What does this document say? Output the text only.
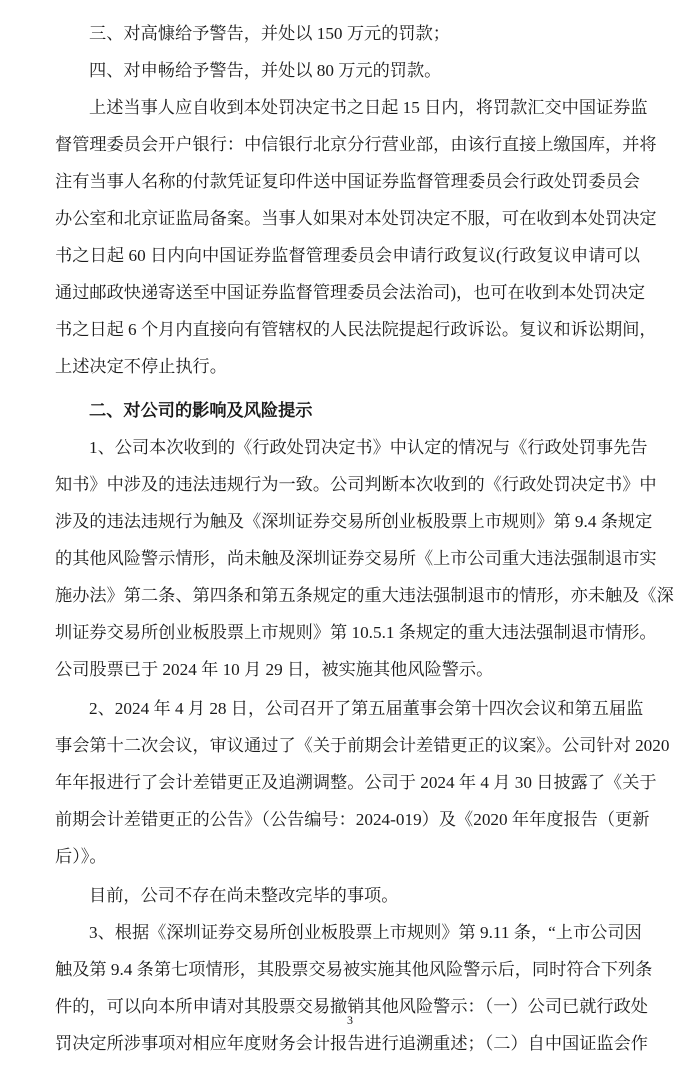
三、对高慷给予警告，并处以 150 万元的罚款；
四、对申畅给予警告，并处以 80 万元的罚款。
上述当事人应自收到本处罚决定书之日起 15 日内，将罚款汇交中国证券监
督管理委员会开户银行：中信银行北京分行营业部，由该行直接上缴国库，并将
注有当事人名称的付款凭证复印件送中国证券监督管理委员会行政处罚委员会
办公室和北京证监局备案。当事人如果对本处罚决定不服，可在收到本处罚决定
书之日起 60 日内向中国证券监督管理委员会申请行政复议(行政复议申请可以
通过邮政快递寄送至中国证券监督管理委员会法治司)，也可在收到本处罚决定
书之日起 6 个月内直接向有管辖权的人民法院提起行政诉讼。复议和诉讼期间，
上述决定不停止执行。
二、对公司的影响及风险提示
1、公司本次收到的《行政处罚决定书》中认定的情况与《行政处罚事先告
知书》中涉及的违法违规行为一致。公司判断本次收到的《行政处罚决定书》中
涉及的违法违规行为触及《深圳证券交易所创业板股票上市规则》第 9.4 条规定
的其他风险警示情形，尚未触及深圳证券交易所《上市公司重大违法强制退市实
施办法》第二条、第四条和第五条规定的重大违法强制退市的情形，亦未触及《深
圳证券交易所创业板股票上市规则》第 10.5.1 条规定的重大违法强制退市情形。
公司股票已于 2024 年 10 月 29 日，被实施其他风险警示。
2、2024 年 4 月 28 日，公司召开了第五届董事会第十四次会议和第五届监
事会第十二次会议，审议通过了《关于前期会计差错更正的议案》。公司针对 2020
年年报进行了会计差错更正及追溯调整。公司于 2024 年 4 月 30 日披露了《关于
前期会计差错更正的公告》（公告编号：2024-019）及《2020 年年度报告（更新
后）》。
目前，公司不存在尚未整改完毕的事项。
3、根据《深圳证券交易所创业板股票上市规则》第 9.11 条，“上市公司因
触及第 9.4 条第七项情形，其股票交易被实施其他风险警示后，同时符合下列条
件的，可以向本所申请对其股票交易撤销其他风险警示：（一）公司已就行政处
罚决定所涉事项对相应年度财务会计报告进行追溯重述；（二）自中国证监会作
3
